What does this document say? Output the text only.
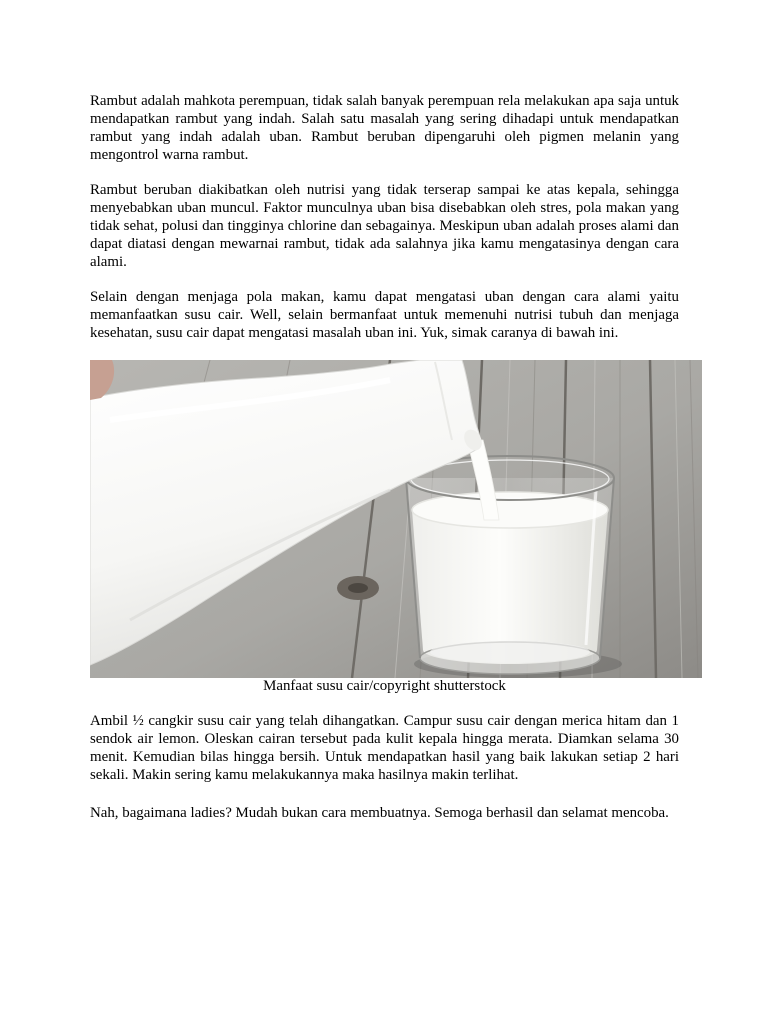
Rambut adalah mahkota perempuan, tidak salah banyak perempuan rela melakukan apa saja untuk
mendapatkan rambut yang indah. Salah satu masalah yang sering dihadapi untuk mendapatkan
rambut yang indah adalah uban. Rambut beruban dipengaruhi oleh pigmen melanin yang
mengontrol warna rambut.
Rambut beruban diakibatkan oleh nutrisi yang tidak terserap sampai ke atas kepala, sehingga
menyebabkan uban muncul. Faktor munculnya uban bisa disebabkan oleh stres, pola makan yang
tidak sehat, polusi dan tingginya chlorine dan sebagainya. Meskipun uban adalah proses alami dan
dapat diatasi dengan mewarnai rambut, tidak ada salahnya jika kamu mengatasinya dengan cara
alami.
Selain dengan menjaga pola makan, kamu dapat mengatasi uban dengan cara alami yaitu
memanfaatkan susu cair. Well, selain bermanfaat untuk memenuhi nutrisi tubuh dan menjaga
kesehatan, susu cair dapat mengatasi masalah uban ini. Yuk, simak caranya di bawah ini.
Manfaat susu cair/copyright shutterstock
Ambil ½ cangkir susu cair yang telah dihangatkan. Campur susu cair dengan merica hitam dan 1
sendok air lemon. Oleskan cairan tersebut pada kulit kepala hingga merata. Diamkan selama 30
menit. Kemudian bilas hingga bersih. Untuk mendapatkan hasil yang baik lakukan setiap 2 hari
sekali. Makin sering kamu melakukannya maka hasilnya makin terlihat.
Nah, bagaimana ladies? Mudah bukan cara membuatnya. Semoga berhasil dan selamat mencoba.
